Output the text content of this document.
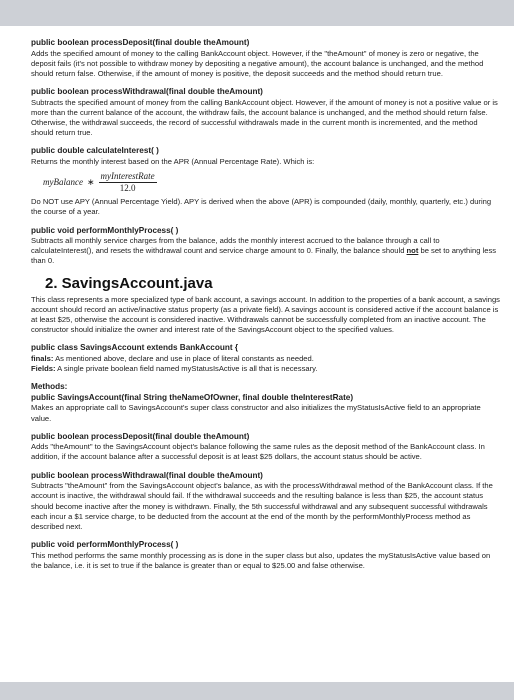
public boolean processDeposit(final double theAmount)

Adds the specified amount of money to the calling BankAccount object. However, if the "theAmount" of money is zero or negative, the deposit fails (it's not possible to withdraw money by depositing a negative amount), the account balance is unchanged, and the method should return false. Otherwise, if the amount of money is positive, the deposit succeeds and the method should return true.

public boolean processWithdrawal(final double theAmount)

Subtracts the specified amount of money from the calling BankAccount object. However, if the amount of money is not a positive value or is more than the current balance of the account, the withdraw fails, the account balance is unchanged, and the method should return false. Otherwise, the withdrawal succeeds, the record of successful withdrawals made in the current month is incremented, and the method should return true.

public double calculateInterest( )

Returns the monthly interest based on the APR (Annual Percentage Rate). Which is:

myBalance ∗ $\frac{\text{myInterestRate}}{12.0}$

Do NOT use APY (Annual Percentage Yield). APY is derived when the above (APR) is compounded (daily, monthly, quarterly, etc.) during the course of a year.

public void performMonthlyProcess( )

Subtracts all monthly service charges from the balance, adds the monthly interest accrued to the balance through a call to calculateInterest(), and resets the withdrawal count and service charge amount to 0. Finally, the balance should not be set to anything less than 0.

2. SavingsAccount.java

This class represents a more specialized type of bank account, a savings account. In addition to the properties of a bank account, a savings account should record an active/inactive status property (as a private field). A savings account is considered active if the account balance is at least $25, otherwise the account is considered inactive. Withdrawals cannot be successfully completed from an inactive account. The constructor should initialize the owner and interest rate of the SavingsAccount object to the specified values.

public class SavingsAccount extends BankAccount {

finals: As mentioned above, declare and use in place of literal constants as needed.

Fields: A single private boolean field named myStatusIsActive is all that is necessary.

Methods:

public SavingsAccount(final String theNameOfOwner, final double theInterestRate)

Makes an appropriate call to SavingsAccount's super class constructor and also initializes the myStatusIsActive field to an appropriate value.

public boolean processDeposit(final double theAmount)

Adds "theAmount" to the SavingsAccount object's balance following the same rules as the deposit method of the BankAccount class. In addition, if the account balance after a successful deposit is at least $25 dollars, the account status should be active.

public boolean processWithdrawal(final double theAmount)

Subtracts "theAmount" from the SavingsAccount object's balance, as with the processWithdrawal method of the BankAccount class. If the account is inactive, the withdrawal should fail. If the withdrawal succeeds and the resulting balance is less than $25, the account status should become inactive after the money is withdrawn. Finally, the 5th successful withdrawal and any subsequent successful withdrawals each incur a $1 service charge, to be deducted from the account at the end of the month by the performMonthlyProcess method as described next.

public void performMonthlyProcess( )

This method performs the same monthly processing as is done in the super class but also, updates the myStatusIsActive value based on the balance, i.e. it is set to true if the balance is greater than or equal to $25.00 and false otherwise.
